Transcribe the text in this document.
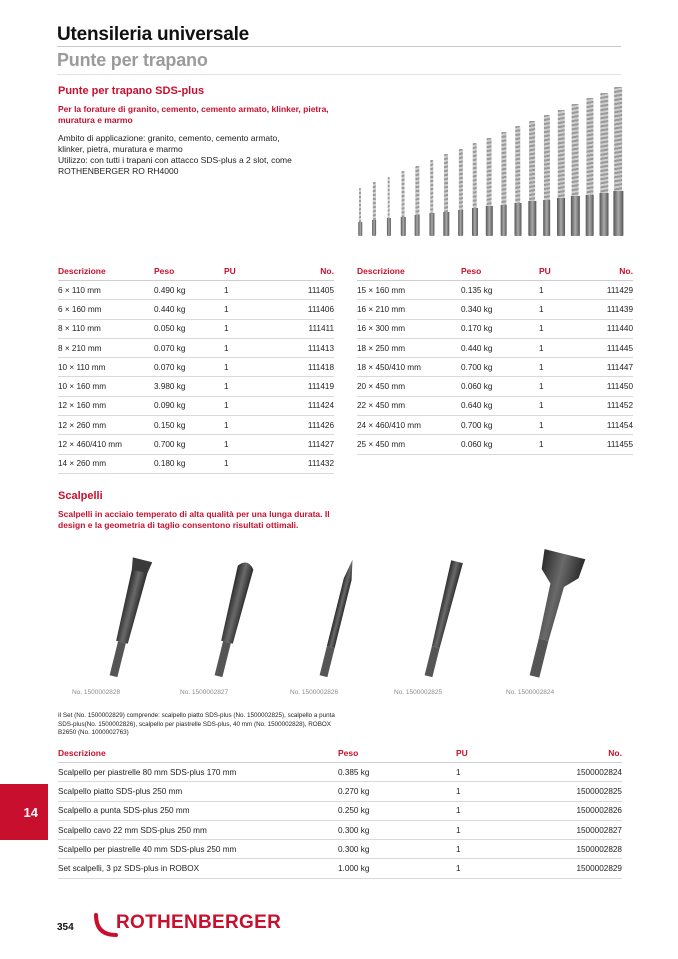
Utensileria universale
Punte per trapano
Punte per trapano SDS-plus
Per la forature di granito, cemento, cemento armato, klinker, pietra, muratura e marmo
Ambito di applicazione: granito, cemento, cemento armato,
klinker, pietra, muratura e marmo
Utilizzo: con tutti i trapani con attacco SDS-plus a 2 slot, come
ROTHENBERGER RO RH4000
Descrizione	Peso	PU	No.
6 × 110 mm	0.490 kg	1	111405
6 × 160 mm	0.440 kg	1	111406
8 × 110 mm	0.050 kg	1	111411
8 × 210 mm	0.070 kg	1	111413
10 × 110 mm	0.070 kg	1	111418
10 × 160 mm	3.980 kg	1	111419
12 × 160 mm	0.090 kg	1	111424
12 × 260 mm	0.150 kg	1	111426
12 × 460/410 mm	0.700 kg	1	111427
14 × 260 mm	0.180 kg	1	111432
Descrizione	Peso	PU	No.
15 × 160 mm	0.135 kg	1	111429
16 × 210 mm	0.340 kg	1	111439
16 × 300 mm	0.170 kg	1	111440
18 × 250 mm	0.440 kg	1	111445
18 × 450/410 mm	0.700 kg	1	111447
20 × 450 mm	0.060 kg	1	111450
22 × 450 mm	0.640 kg	1	111452
24 × 460/410 mm	0.700 kg	1	111454
25 × 450 mm	0.060 kg	1	111455
Scalpelli
Scalpelli in acciaio temperato di alta qualità per una lunga durata. Il design e la geometria di taglio consentono risultati ottimali.
No. 1500002828	No. 1500002827	No. 1500002826	No. 1500002825	No. 1500002824
Il Set (No. 1500002829) comprende: scalpello piatto SDS-plus (No. 1500002825), scalpello a punta SDS-plus(No. 1500002826), scalpello per piastrelle SDS-plus, 40 mm (No. 1500002828), ROBOX B2650 (No. 1000002763)
Descrizione	Peso	PU	No.
Scalpello per piastrelle 80 mm SDS-plus 170 mm	0.385 kg	1	1500002824
Scalpello piatto SDS-plus 250 mm	0.270 kg	1	1500002825
Scalpello a punta SDS-plus 250 mm	0.250 kg	1	1500002826
Scalpello cavo 22 mm SDS-plus 250 mm	0.300 kg	1	1500002827
Scalpello per piastrelle 40 mm SDS-plus 250 mm	0.300 kg	1	1500002828
Set scalpelli, 3 pz SDS-plus in ROBOX	1.000 kg	1	1500002829
14
354 ROTHENBERGER
